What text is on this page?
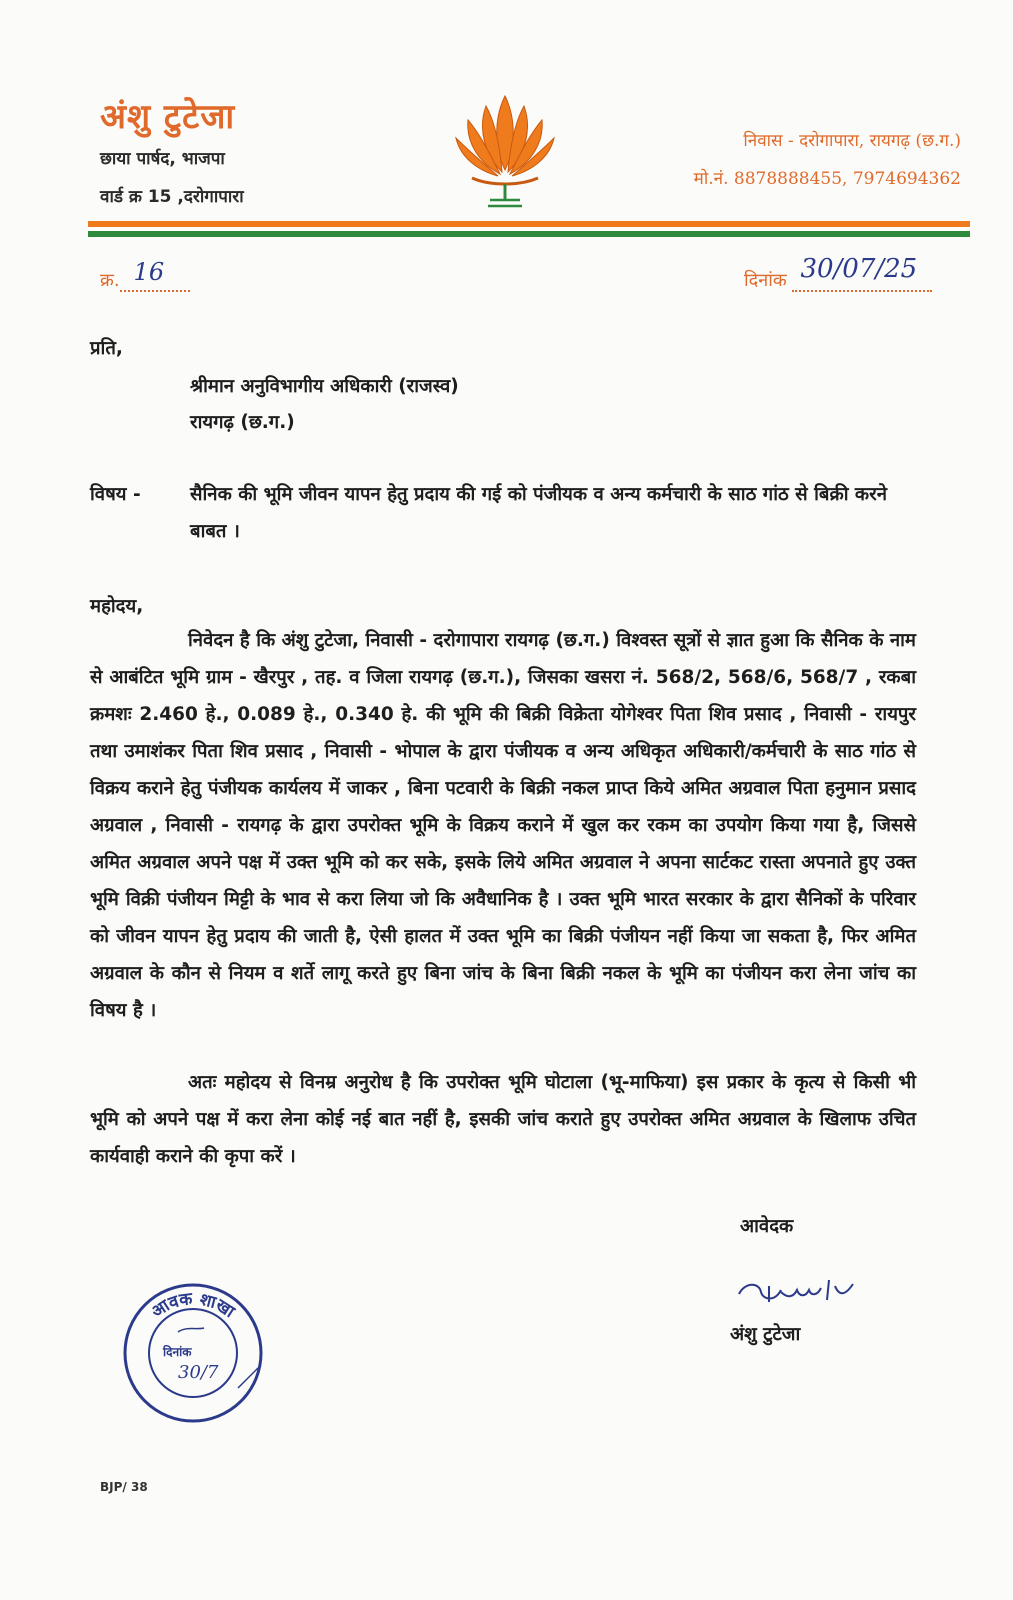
अंशु टुटेजा
छाया पार्षद, भाजपा
वार्ड क्र 15 ,दरोगापारा
निवास - दरोगापारा, रायगढ़ (छ.ग.)
मो.नं. 8878888455, 7974694362
क्र. 16	दिनांक 30/07/25
प्रति,
श्रीमान अनुविभागीय अधिकारी (राजस्व)
रायगढ़ (छ.ग.)
विषय -	सैनिक की भूमि जीवन यापन हेतु प्रदाय की गई को पंजीयक व अन्य कर्मचारी के साठ गांठ से बिक्री करने बाबत ।
महोदय,
निवेदन है कि अंशु टुटेजा, निवासी - दरोगापारा रायगढ़ (छ.ग.) विश्वस्त सूत्रों से ज्ञात हुआ कि सैनिक के नाम से आबंटित भूमि ग्राम - खैरपुर , तह. व जिला रायगढ़ (छ.ग.), जिसका खसरा नं. 568/2, 568/6, 568/7 , रकबा क्रमशः 2.460 हे., 0.089 हे., 0.340 हे. की भूमि की बिक्री विक्रेता योगेश्वर पिता शिव प्रसाद , निवासी - रायपुर तथा उमाशंकर पिता शिव प्रसाद , निवासी - भोपाल के द्वारा पंजीयक व अन्य अधिकृत अधिकारी/कर्मचारी के साठ गांठ से विक्रय कराने हेतु पंजीयक कार्यलय में जाकर , बिना पटवारी के बिक्री नकल प्राप्त किये अमित अग्रवाल पिता हनुमान प्रसाद अग्रवाल , निवासी - रायगढ़ के द्वारा उपरोक्त भूमि के विक्रय कराने में खुल कर रकम का उपयोग किया गया है, जिससे अमित अग्रवाल अपने पक्ष में उक्त भूमि को कर सके, इसके लिये अमित अग्रवाल ने अपना सार्टकट रास्ता अपनाते हुए उक्त भूमि विक्री पंजीयन मिट्टी के भाव से करा लिया जो कि अवैधानिक है । उक्त भूमि भारत सरकार के द्वारा सैनिकों के परिवार को जीवन यापन हेतु प्रदाय की जाती है, ऐसी हालत में उक्त भूमि का बिक्री पंजीयन नहीं किया जा सकता है, फिर अमित अग्रवाल के कौन से नियम व शर्ते लागू करते हुए बिना जांच के बिना बिक्री नकल के भूमि का पंजीयन करा लेना जांच का विषय है ।
अतः महोदय से विनम्र अनुरोध है कि उपरोक्त भूमि घोटाला (भू-माफिया) इस प्रकार के कृत्य से किसी भी भूमि को अपने पक्ष में करा लेना कोई नई बात नहीं है, इसकी जांच कराते हुए उपरोक्त अमित अग्रवाल के खिलाफ उचित कार्यवाही कराने की कृपा करें ।
आवेदक
अंशु टुटेजा
आवक शाखा
दिनांक
30/7
BJP/ 38
